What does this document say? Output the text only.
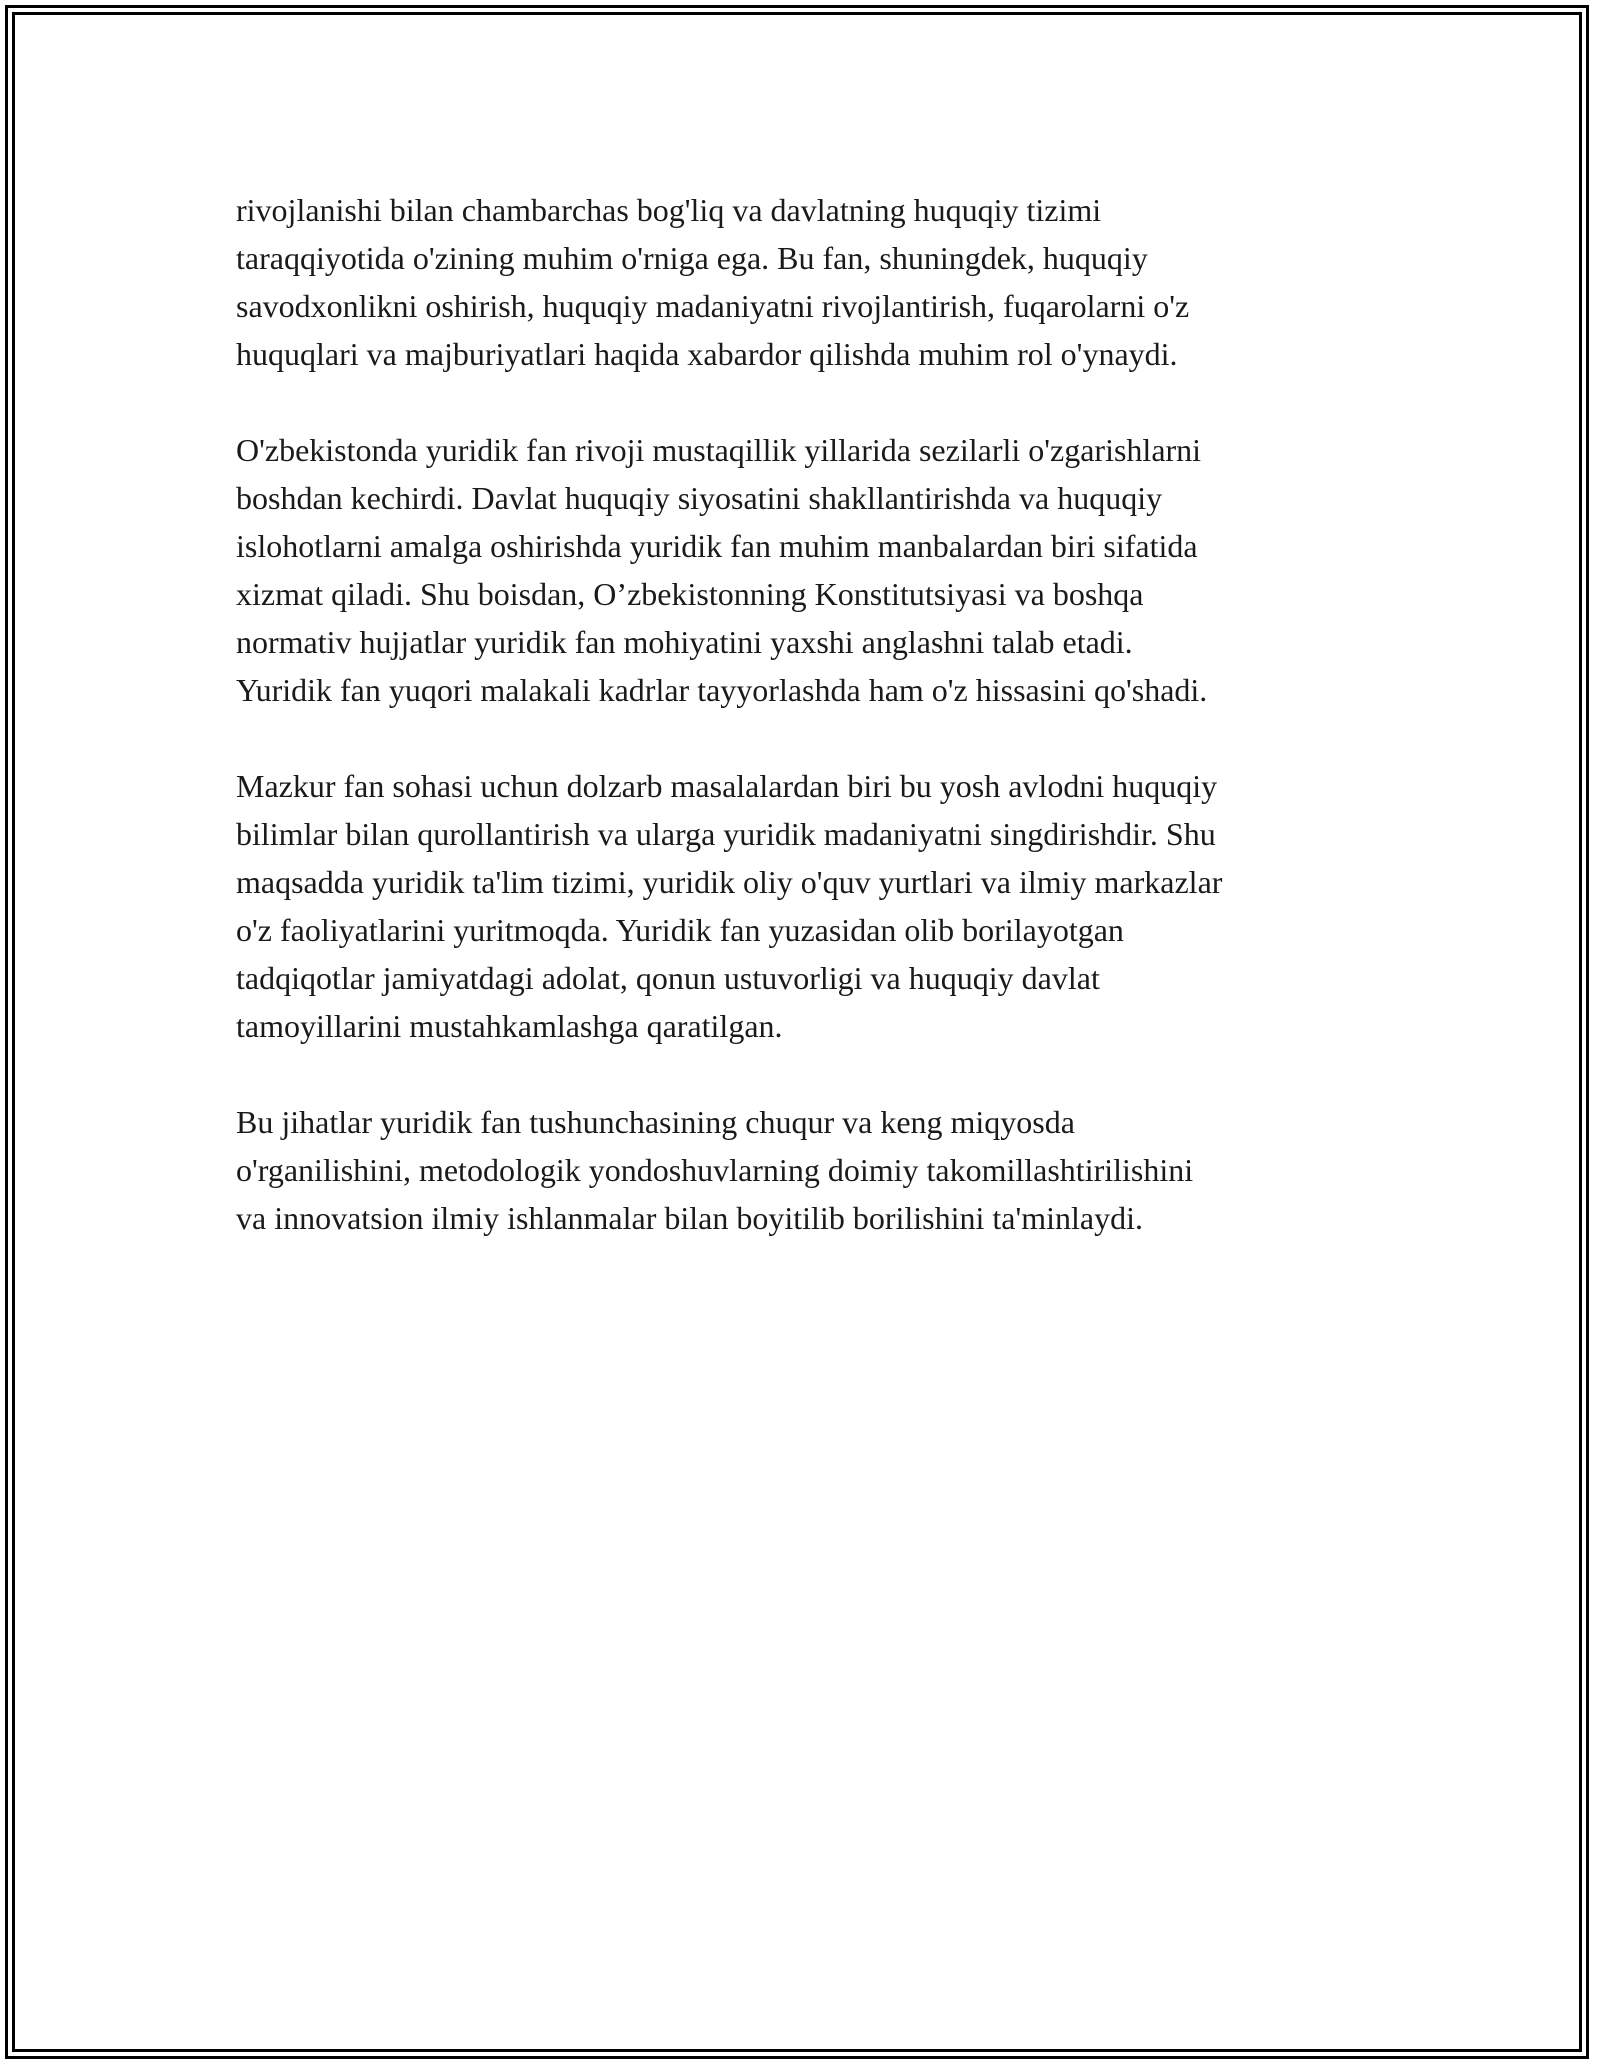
rivojlanishi bilan chambarchas bog'liq va davlatning huquqiy tizimi
taraqqiyotida o'zining muhim o'rniga ega. Bu fan, shuningdek, huquqiy
savodxonlikni oshirish, huquqiy madaniyatni rivojlantirish, fuqarolarni o'z
huquqlari va majburiyatlari haqida xabardor qilishda muhim rol o'ynaydi.

O'zbekistonda yuridik fan rivoji mustaqillik yillarida sezilarli o'zgarishlarni
boshdan kechirdi. Davlat huquqiy siyosatini shakllantirishda va huquqiy
islohotlarni amalga oshirishda yuridik fan muhim manbalardan biri sifatida
xizmat qiladi. Shu boisdan, O’zbekistonning Konstitutsiyasi va boshqa
normativ hujjatlar yuridik fan mohiyatini yaxshi anglashni talab etadi.
Yuridik fan yuqori malakali kadrlar tayyorlashda ham o'z hissasini qo'shadi.

Mazkur fan sohasi uchun dolzarb masalalardan biri bu yosh avlodni huquqiy
bilimlar bilan qurollantirish va ularga yuridik madaniyatni singdirishdir. Shu
maqsadda yuridik ta'lim tizimi, yuridik oliy o'quv yurtlari va ilmiy markazlar
o'z faoliyatlarini yuritmoqda. Yuridik fan yuzasidan olib borilayotgan
tadqiqotlar jamiyatdagi adolat, qonun ustuvorligi va huquqiy davlat
tamoyillarini mustahkamlashga qaratilgan.

Bu jihatlar yuridik fan tushunchasining chuqur va keng miqyosda
o'rganilishini, metodologik yondoshuvlarning doimiy takomillashtirilishini
va innovatsion ilmiy ishlanmalar bilan boyitilib borilishini ta'minlaydi.
